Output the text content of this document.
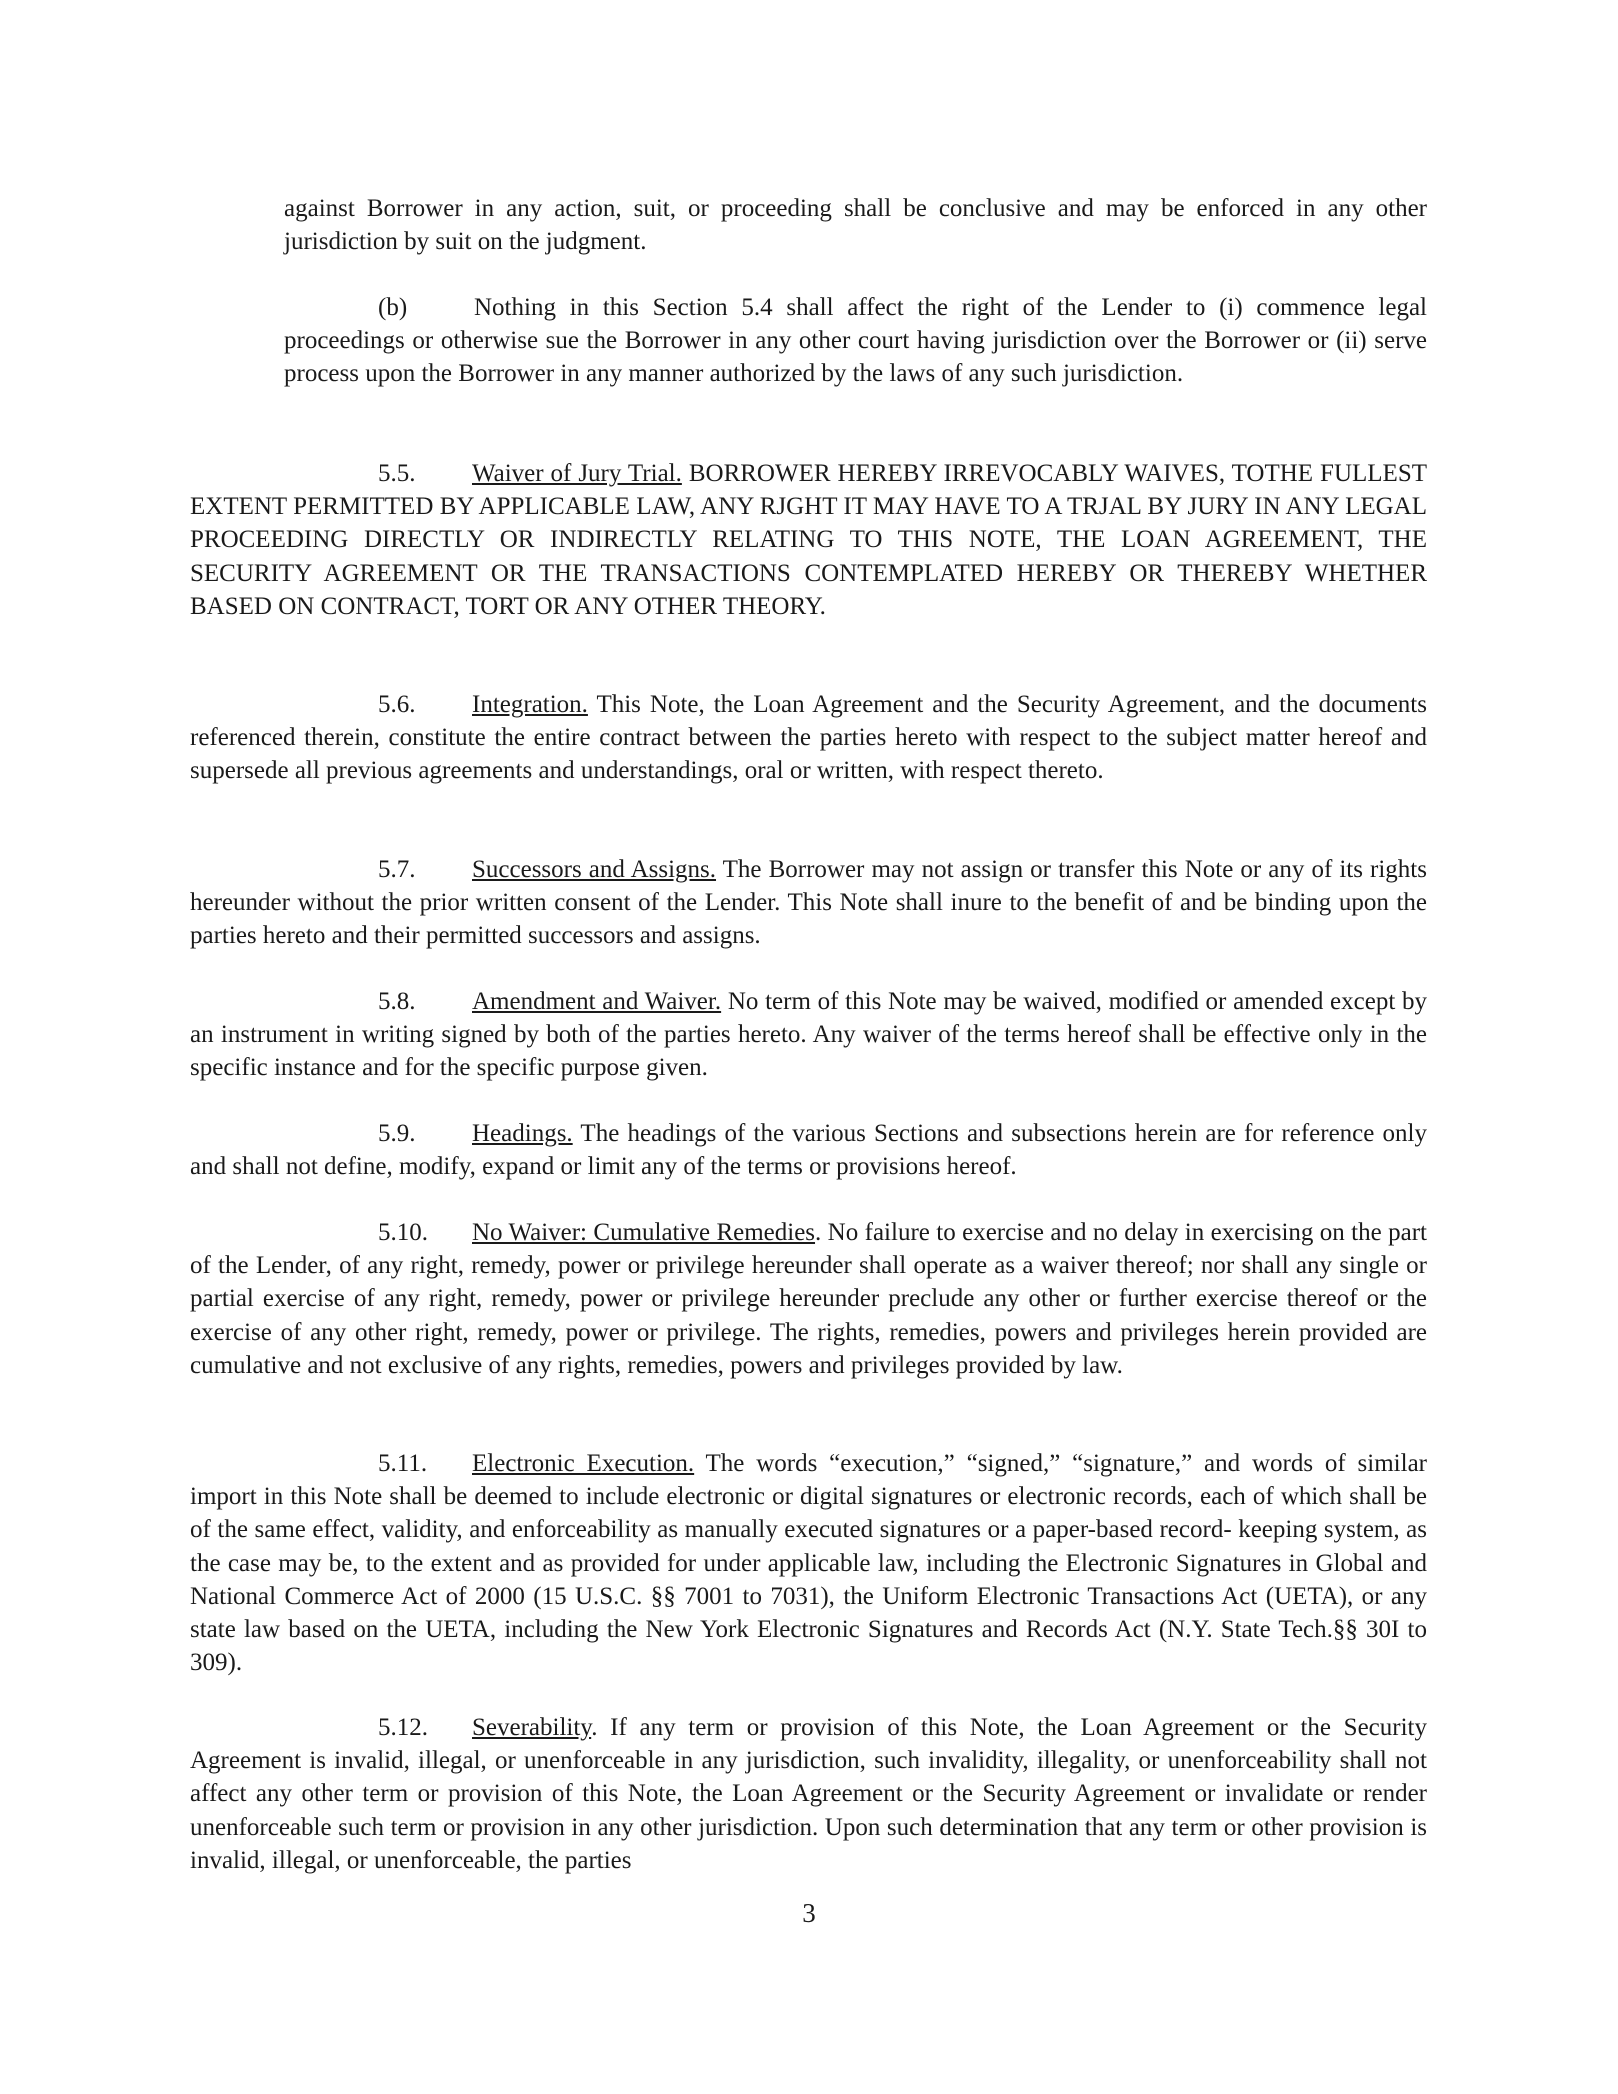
against Borrower in any action, suit, or proceeding shall be conclusive and may be enforced in any other jurisdiction by suit on the judgment.

(b)	Nothing in this Section 5.4 shall affect the right of the Lender to (i) commence legal proceedings or otherwise sue the Borrower in any other court having jurisdiction over the Borrower or (ii) serve process upon the Borrower in any manner authorized by the laws of any such jurisdiction.

5.5. Waiver of Jury Trial. BORROWER HEREBY IRREVOCABLY WAIVES, TOTHE FULLEST EXTENT PERMITTED BY APPLICABLE LAW, ANY RJGHT IT MAY HAVE TO A TRJAL BY JURY IN ANY LEGAL PROCEEDING DIRECTLY OR INDIRECTLY RELATING TO THIS NOTE, THE LOAN AGREEMENT, THE SECURITY AGREEMENT OR THE TRANSACTIONS CONTEMPLATED HEREBY OR THEREBY WHETHER BASED ON CONTRACT, TORT OR ANY OTHER THEORY.

5.6. Integration. This Note, the Loan Agreement and the Security Agreement, and the documents referenced therein, constitute the entire contract between the parties hereto with respect to the subject matter hereof and supersede all previous agreements and understandings, oral or written, with respect thereto.

5.7. Successors and Assigns. The Borrower may not assign or transfer this Note or any of its rights hereunder without the prior written consent of the Lender. This Note shall inure to the benefit of and be binding upon the parties hereto and their permitted successors and assigns.

5.8. Amendment and Waiver. No term of this Note may be waived, modified or amended except by an instrument in writing signed by both of the parties hereto. Any waiver of the terms hereof shall be effective only in the specific instance and for the specific purpose given.

5.9. Headings. The headings of the various Sections and subsections herein are for reference only and shall not define, modify, expand or limit any of the terms or provisions hereof.

5.10. No Waiver: Cumulative Remedies. No failure to exercise and no delay in exercising on the part of the Lender, of any right, remedy, power or privilege hereunder shall operate as a waiver thereof; nor shall any single or partial exercise of any right, remedy, power or privilege hereunder preclude any other or further exercise thereof or the exercise of any other right, remedy, power or privilege. The rights, remedies, powers and privileges herein provided are cumulative and not exclusive of any rights, remedies, powers and privileges provided by law.

5.11. Electronic Execution. The words “execution,” “signed,” “signature,” and words of similar import in this Note shall be deemed to include electronic or digital signatures or electronic records, each of which shall be of the same effect, validity, and enforceability as manually executed signatures or a paper-based record- keeping system, as the case may be, to the extent and as provided for under applicable law, including the Electronic Signatures in Global and National Commerce Act of 2000 (15 U.S.C. §§ 7001 to 7031), the Uniform Electronic Transactions Act (UETA), or any state law based on the UETA, including the New York Electronic Signatures and Records Act (N.Y. State Tech.§§ 30I to 309).

5.12. Severability. If any term or provision of this Note, the Loan Agreement or the Security Agreement is invalid, illegal, or unenforceable in any jurisdiction, such invalidity, illegality, or unenforceability shall not affect any other term or provision of this Note, the Loan Agreement or the Security Agreement or invalidate or render unenforceable such term or provision in any other jurisdiction. Upon such determination that any term or other provision is invalid, illegal, or unenforceable, the parties

3
